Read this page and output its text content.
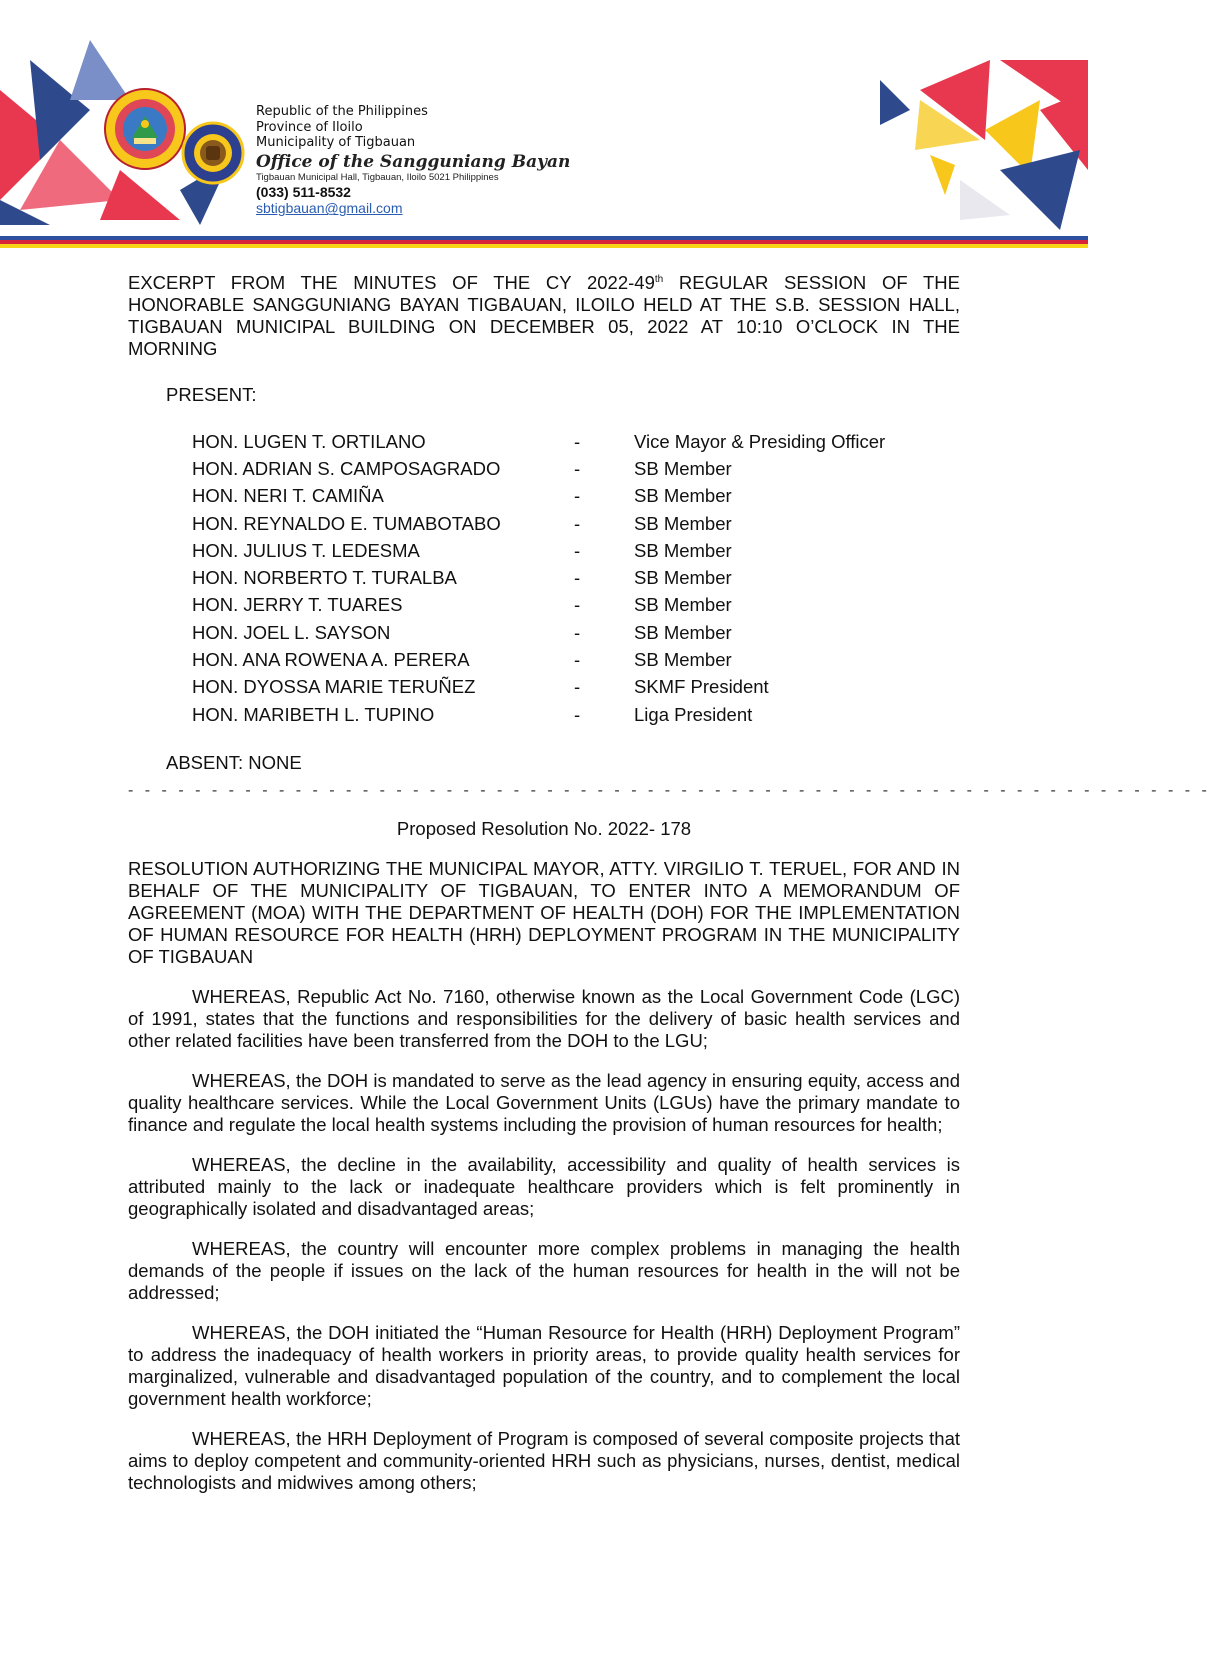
Republic of the Philippines
Province of Iloilo
Municipality of Tigbauan
Office of the Sangguniang Bayan
Tigbauan Municipal Hall, Tigbauan, Iloilo 5021 Philippines
(033) 511-8532
sbtigbauan@gmail.com

EXCERPT FROM THE MINUTES OF THE CY 2022-49th REGULAR SESSION OF THE HONORABLE SANGGUNIANG BAYAN TIGBAUAN, ILOILO HELD AT THE S.B. SESSION HALL, TIGBAUAN MUNICIPAL BUILDING ON DECEMBER 05, 2022 AT 10:10 O’CLOCK IN THE MORNING

PRESENT:
HON. LUGEN T. ORTILANO	-	Vice Mayor & Presiding Officer
HON. ADRIAN S. CAMPOSAGRADO	-	SB Member
HON. NERI T. CAMIÑA	-	SB Member
HON. REYNALDO E. TUMABOTABO	-	SB Member
HON. JULIUS T. LEDESMA	-	SB Member
HON. NORBERTO T. TURALBA	-	SB Member
HON. JERRY T. TUARES	-	SB Member
HON. JOEL L. SAYSON	-	SB Member
HON. ANA ROWENA A. PERERA	-	SB Member
HON. DYOSSA MARIE TERUÑEZ	-	SKMF President
HON. MARIBETH L. TUPINO	-	Liga President
ABSENT: NONE
- - - - - - - - - - - - - - - - - - - - - - - - - - - - - - - - - - - - - - - - - - - - - - - - - - - - - - - - - - - - - - - - -
Proposed Resolution No. 2022- 178
RESOLUTION AUTHORIZING THE MUNICIPAL MAYOR, ATTY. VIRGILIO T. TERUEL, FOR AND IN BEHALF OF THE MUNICIPALITY OF TIGBAUAN, TO ENTER INTO A MEMORANDUM OF AGREEMENT (MOA) WITH THE DEPARTMENT OF HEALTH (DOH) FOR THE IMPLEMENTATION OF HUMAN RESOURCE FOR HEALTH (HRH) DEPLOYMENT PROGRAM IN THE MUNICIPALITY OF TIGBAUAN
WHEREAS, Republic Act No. 7160, otherwise known as the Local Government Code (LGC) of 1991, states that the functions and responsibilities for the delivery of basic health services and other related facilities have been transferred from the DOH to the LGU;
WHEREAS, the DOH is mandated to serve as the lead agency in ensuring equity, access and quality healthcare services. While the Local Government Units (LGUs) have the primary mandate to finance and regulate the local health systems including the provision of human resources for health;
WHEREAS, the decline in the availability, accessibility and quality of health services is attributed mainly to the lack or inadequate healthcare providers which is felt prominently in geographically isolated and disadvantaged areas;
WHEREAS, the country will encounter more complex problems in managing the health demands of the people if issues on the lack of the human resources for health in the will not be addressed;
WHEREAS, the DOH initiated the “Human Resource for Health (HRH) Deployment Program” to address the inadequacy of health workers in priority areas, to provide quality health services for marginalized, vulnerable and disadvantaged population of the country, and to complement the local government health workforce;
WHEREAS, the HRH Deployment of Program is composed of several composite projects that aims to deploy competent and community-oriented HRH such as physicians, nurses, dentist, medical technologists and midwives among others;
